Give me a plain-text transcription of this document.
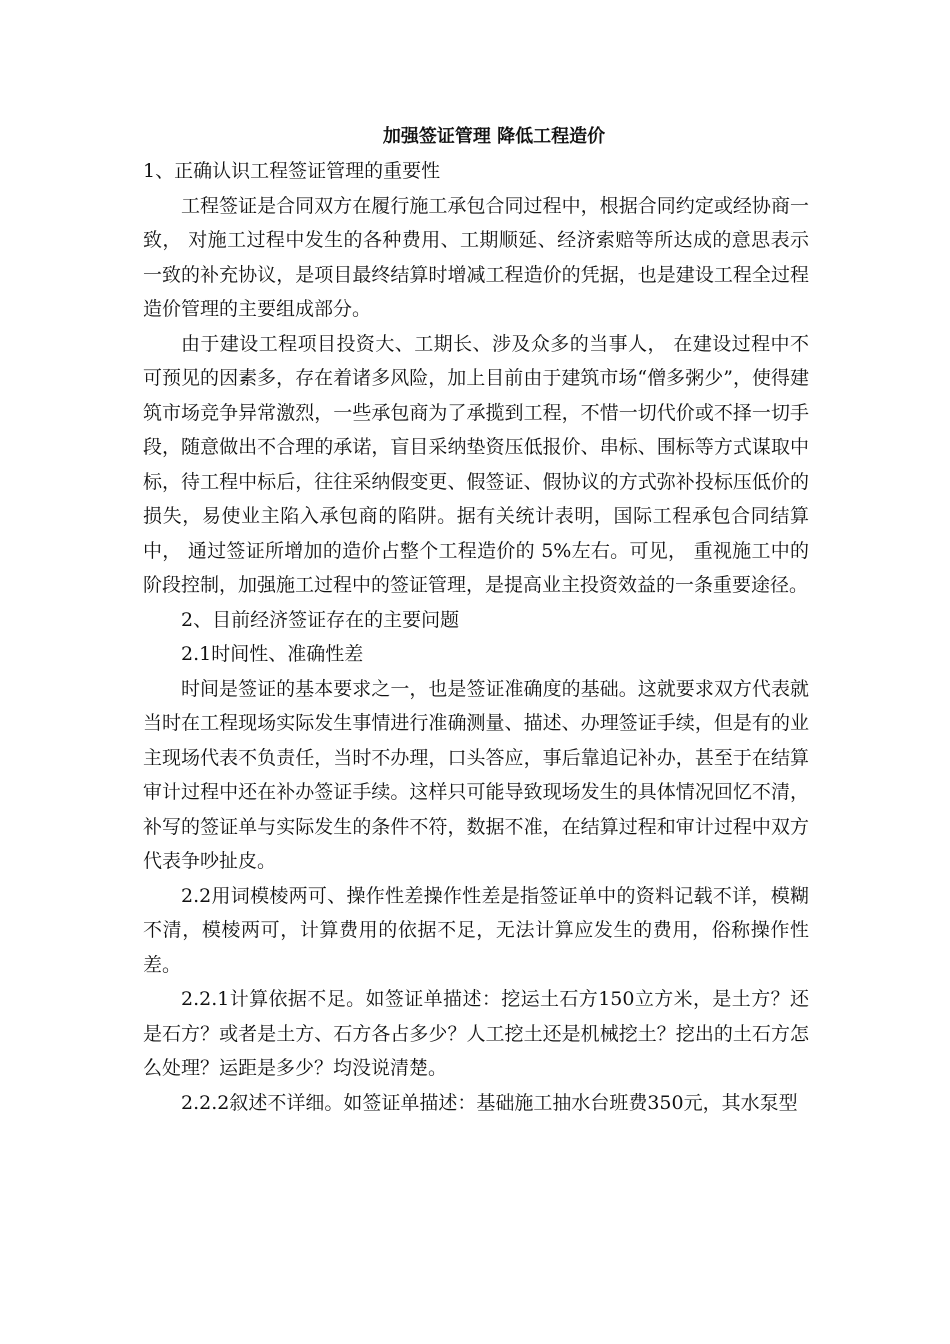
加强签证管理 降低工程造价

1、正确认识工程签证管理的重要性

工程签证是合同双方在履行施工承包合同过程中，根据合同约定或经协商一致， 对施工过程中发生的各种费用、工期顺延、经济索赔等所达成的意思表示一致的补充协议，是项目最终结算时增减工程造价的凭据，也是建设工程全过程造价管理的主要组成部分。

由于建设工程项目投资大、工期长、涉及众多的当事人， 在建设过程中不可预见的因素多，存在着诸多风险，加上目前由于建筑市场“僧多粥少”，使得建筑市场竞争异常激烈，一些承包商为了承揽到工程，不惜一切代价或不择一切手段，随意做出不合理的承诺，盲目采纳垫资压低报价、串标、围标等方式谋取中标，待工程中标后，往往采纳假变更、假签证、假协议的方式弥补投标压低价的损失，易使业主陷入承包商的陷阱。据有关统计表明，国际工程承包合同结算中， 通过签证所增加的造价占整个工程造价的 5%左右。可见， 重视施工中的阶段控制，加强施工过程中的签证管理，是提高业主投资效益的一条重要途径。

2、目前经济签证存在的主要问题

2.1时间性、准确性差

时间是签证的基本要求之一，也是签证准确度的基础。这就要求双方代表就当时在工程现场实际发生事情进行准确测量、描述、办理签证手续，但是有的业主现场代表不负责任，当时不办理，口头答应，事后靠追记补办，甚至于在结算审计过程中还在补办签证手续。这样只可能导致现场发生的具体情况回忆不清，补写的签证单与实际发生的条件不符，数据不准，在结算过程和审计过程中双方代表争吵扯皮。

2.2用词模棱两可、操作性差操作性差是指签证单中的资料记载不详，模糊不清，模棱两可，计算费用的依据不足，无法计算应发生的费用，俗称操作性差。

2.2.1计算依据不足。如签证单描述：挖运土石方150立方米，是土方？还是石方？或者是土方、石方各占多少？人工挖土还是机械挖土？挖出的土石方怎么处理？运距是多少？均没说清楚。

2.2.2叙述不详细。如签证单描述：基础施工抽水台班费350元，其水泵型
